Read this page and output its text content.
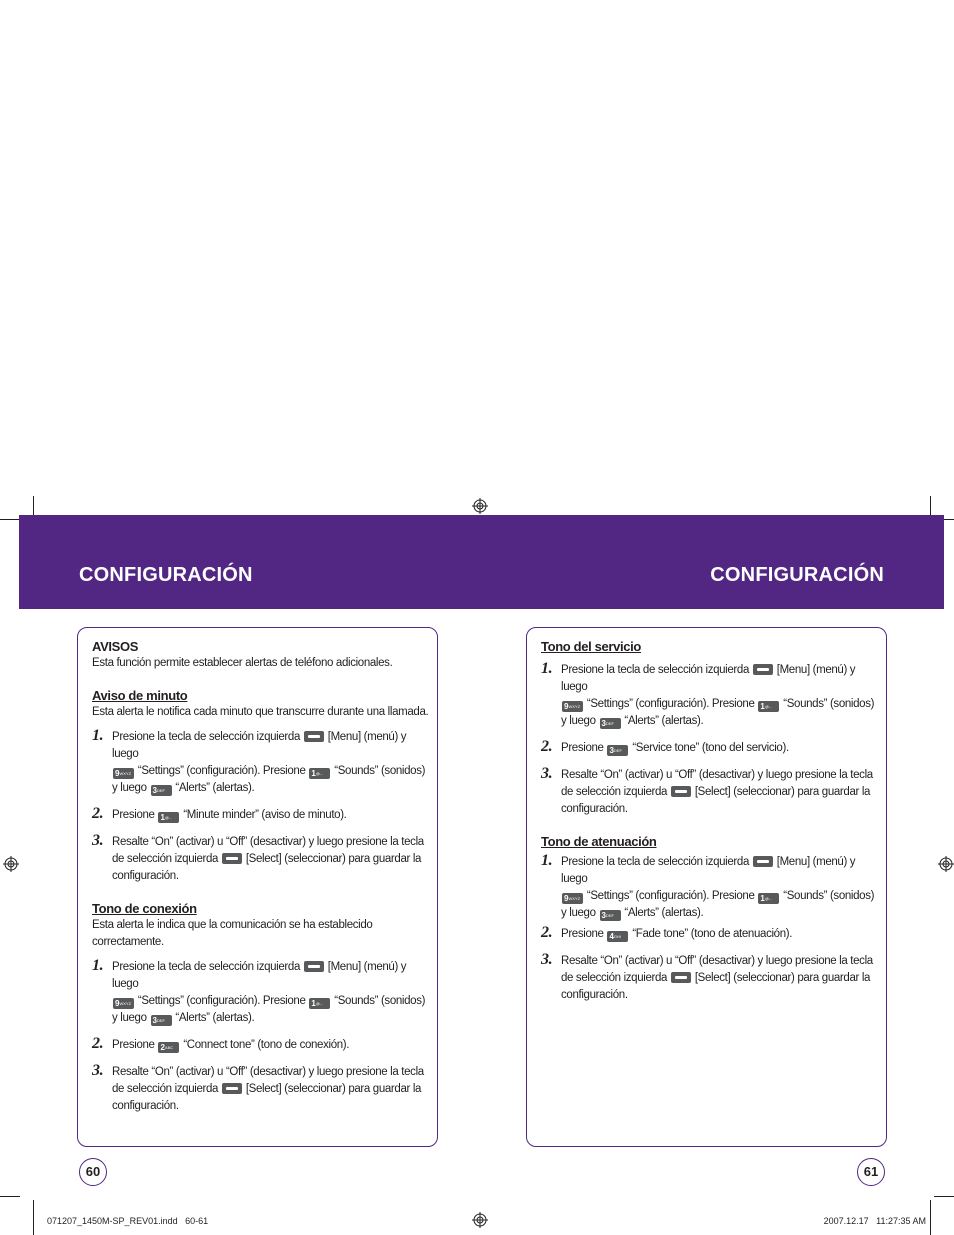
CONFIGURACIÓN	CONFIGURACIÓN

AVISOS

Esta función permite establecer alertas de teléfono adicionales.

Aviso de minuto

Esta alerta le notifica cada minuto que transcurre durante una llamada.

1. Presione la tecla de selección izquierda [Menu] (menú) y luego
9WXYZ “Settings” (configuración). Presione 1@.- “Sounds” (sonidos)
y luego 3DEF “Alerts” (alertas).
2. Presione 1@.- “Minute minder” (aviso de minuto).
3. Resalte “On” (activar) u “Off” (desactivar) y luego presione la tecla
de selección izquierda [Select] (seleccionar) para guardar la
configuración.

Tono de conexión

Esta alerta le indica que la comunicación se ha establecido

correctamente.

1. Presione la tecla de selección izquierda [Menu] (menú) y luego
9WXYZ “Settings” (configuración). Presione 1@.- “Sounds” (sonidos)
y luego 3DEF “Alerts” (alertas).
2. Presione 2ABC “Connect tone” (tono de conexión).
3. Resalte “On” (activar) u “Off” (desactivar) y luego presione la tecla
de selección izquierda [Select] (seleccionar) para guardar la
configuración.

Tono del servicio

1. Presione la tecla de selección izquierda [Menu] (menú) y luego
9WXYZ “Settings” (configuración). Presione 1@.- “Sounds” (sonidos)
y luego 3DEF “Alerts” (alertas).
2. Presione 3DEF “Service tone” (tono del servicio).
3. Resalte “On” (activar) u “Off” (desactivar) y luego presione la tecla
de selección izquierda [Select] (seleccionar) para guardar la
configuración.

Tono de atenuación

1. Presione la tecla de selección izquierda [Menu] (menú) y luego
9WXYZ “Settings” (configuración). Presione 1@.- “Sounds” (sonidos)
y luego 3DEF “Alerts” (alertas).
2. Presione 4GHI “Fade tone” (tono de atenuación).
3. Resalte “On” (activar) u “Off” (desactivar) y luego presione la tecla
de selección izquierda [Select] (seleccionar) para guardar la
configuración.
60	61
071207_1450M-SP_REV01.indd   60-61	2007.12.17   11:27:35 AM
